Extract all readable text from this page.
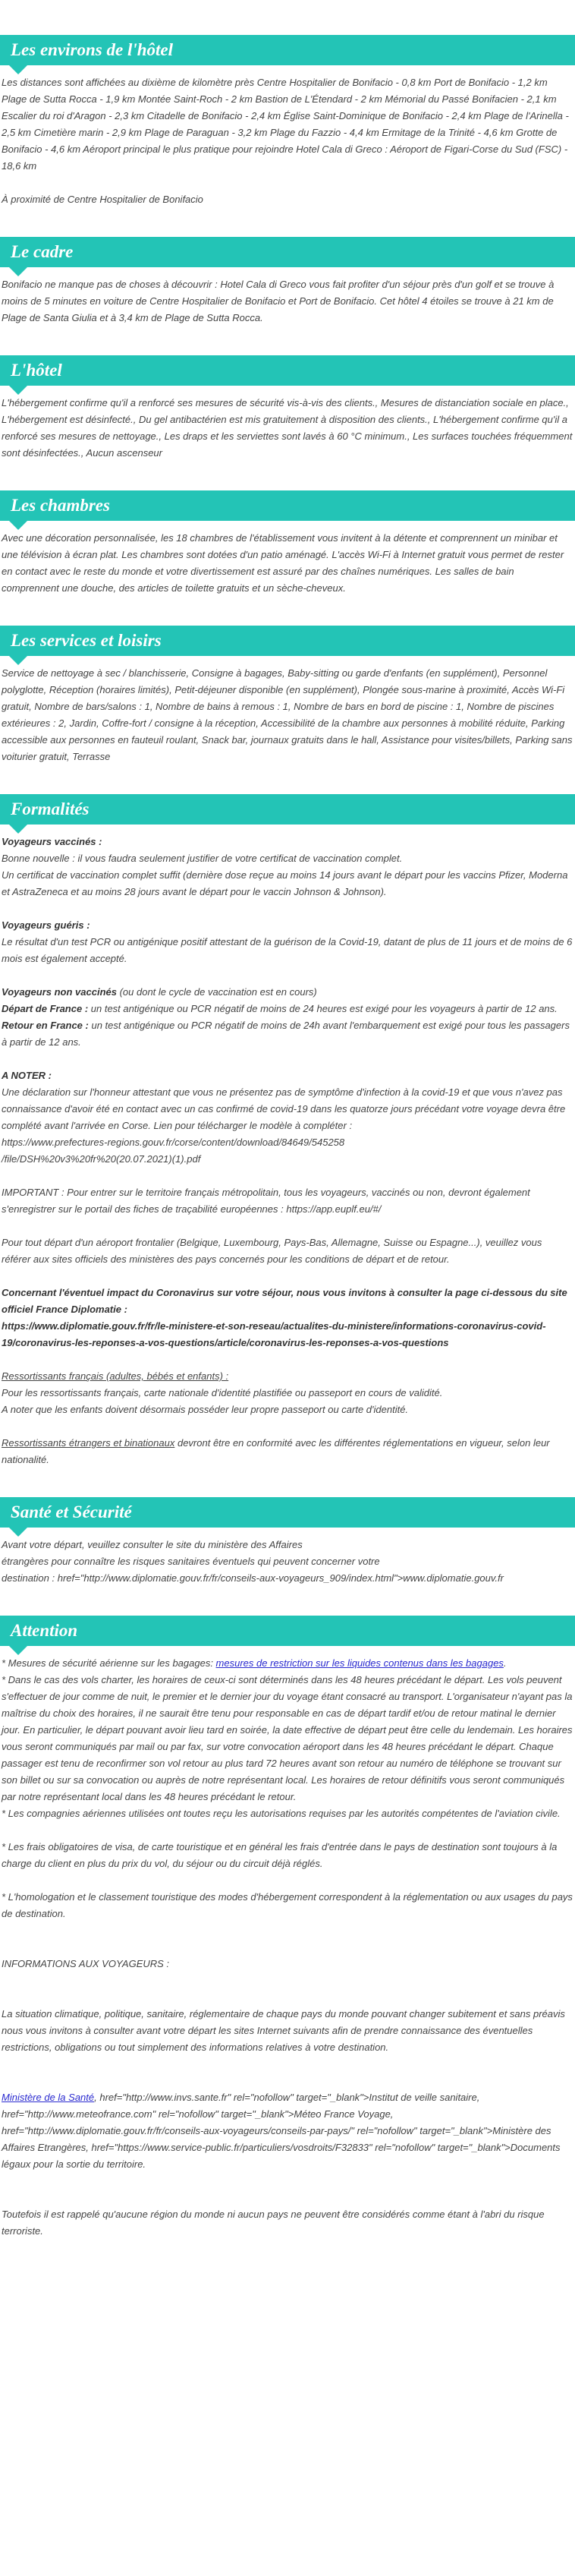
Les environs de l'hôtel

Les distances sont affichées au dixième de kilomètre près Centre Hospitalier de Bonifacio - 0,8 km Port de Bonifacio - 1,2 km Plage de Sutta Rocca - 1,9 km Montée Saint-Roch - 2 km Bastion de L'Étendard - 2 km Mémorial du Passé Bonifacien - 2,1 km Escalier du roi d'Aragon - 2,3 km Citadelle de Bonifacio - 2,4 km Église Saint-Dominique de Bonifacio - 2,4 km Plage de l'Arinella - 2,5 km Cimetière marin - 2,9 km Plage de Paraguan - 3,2 km Plage du Fazzio - 4,4 km Ermitage de la Trinité - 4,6 km Grotte de Bonifacio - 4,6 km Aéroport principal le plus pratique pour rejoindre Hotel Cala di Greco : Aéroport de Figari-Corse du Sud (FSC) - 18,6 km

À proximité de Centre Hospitalier de Bonifacio

Le cadre

Bonifacio ne manque pas de choses à découvrir : Hotel Cala di Greco vous fait profiter d'un séjour près d'un golf et se trouve à moins de 5 minutes en voiture de Centre Hospitalier de Bonifacio et Port de Bonifacio. Cet hôtel 4 étoiles se trouve à 21 km de Plage de Santa Giulia et à 3,4 km de Plage de Sutta Rocca.

L'hôtel

L'hébergement confirme qu'il a renforcé ses mesures de sécurité vis-à-vis des clients., Mesures de distanciation sociale en place., L'hébergement est désinfecté., Du gel antibactérien est mis gratuitement à disposition des clients., L'hébergement confirme qu'il a renforcé ses mesures de nettoyage., Les draps et les serviettes sont lavés à 60 °C minimum., Les surfaces touchées fréquemment sont désinfectées., Aucun ascenseur

Les chambres

Avec une décoration personnalisée, les 18 chambres de l'établissement vous invitent à la détente et comprennent un minibar et une télévision à écran plat. Les chambres sont dotées d'un patio aménagé. L'accès Wi-Fi à Internet gratuit vous permet de rester en contact avec le reste du monde et votre divertissement est assuré par des chaînes numériques. Les salles de bain comprennent une douche, des articles de toilette gratuits et un sèche-cheveux.

Les services et loisirs

Service de nettoyage à sec / blanchisserie, Consigne à bagages, Baby-sitting ou garde d'enfants (en supplément), Personnel polyglotte, Réception (horaires limités), Petit-déjeuner disponible (en supplément), Plongée sous-marine à proximité, Accès Wi-Fi gratuit, Nombre de bars/salons : 1, Nombre de bains à remous : 1, Nombre de bars en bord de piscine : 1, Nombre de piscines extérieures : 2, Jardin, Coffre-fort / consigne à la réception, Accessibilité de la chambre aux personnes à mobilité réduite, Parking accessible aux personnes en fauteuil roulant, Snack bar, journaux gratuits dans le hall, Assistance pour visites/billets, Parking sans voiturier gratuit, Terrasse

Formalités

Voyageurs vaccinés :

Bonne nouvelle : il vous faudra seulement justifier de votre certificat de vaccination complet.

Un certificat de vaccination complet suffit (dernière dose reçue au moins 14 jours avant le départ pour les vaccins Pfizer, Moderna et AstraZeneca et au moins 28 jours avant le départ pour le vaccin Johnson & Johnson).

Voyageurs guéris :

Le résultat d'un test PCR ou antigénique positif attestant de la guérison de la Covid-19, datant de plus de 11 jours et de moins de 6 mois est également accepté.

Voyageurs non vaccinés (ou dont le cycle de vaccination est en cours)

Départ de France : un test antigénique ou PCR négatif de moins de 24 heures est exigé pour les voyageurs à partir de 12 ans.

Retour en France : un test antigénique ou PCR négatif de moins de 24h avant l'embarquement est exigé pour tous les passagers à partir de 12 ans.

A NOTER :

Une déclaration sur l'honneur attestant que vous ne présentez pas de symptôme d'infection à la covid-19 et que vous n'avez pas connaissance d'avoir été en contact avec un cas confirmé de covid-19 dans les quatorze jours précédant votre voyage devra être complété avant l'arrivée en Corse. Lien pour télécharger le modèle à compléter :

https://www.prefectures-regions.gouv.fr/corse/content/download/84649/545258

/file/DSH%20v3%20fr%20(20.07.2021)(1).pdf

IMPORTANT : Pour entrer sur le territoire français métropolitain, tous les voyageurs, vaccinés ou non, devront également s'enregistrer sur le portail des fiches de traçabilité européennes : https://app.euplf.eu/#/

Pour tout départ d'un aéroport frontalier (Belgique, Luxembourg, Pays-Bas, Allemagne, Suisse ou Espagne...), veuillez vous référer aux sites officiels des ministères des pays concernés pour les conditions de départ et de retour.

Concernant l'éventuel impact du Coronavirus sur votre séjour, nous vous invitons à consulter la page ci-dessous du site officiel France Diplomatie :

https://www.diplomatie.gouv.fr/fr/le-ministere-et-son-reseau/actualites-du-ministere/informations-coronavirus-covid-19/coronavirus-les-reponses-a-vos-questions/article/coronavirus-les-reponses-a-vos-questions

Ressortissants français (adultes, bébés et enfants) :

Pour les ressortissants français, carte nationale d'identité plastifiée ou passeport en cours de validité.

A noter que les enfants doivent désormais posséder leur propre passeport ou carte d'identité.

Ressortissants étrangers et binationaux devront être en conformité avec les différentes réglementations en vigueur, selon leur nationalité.

Santé et Sécurité

Avant votre départ, veuillez consulter le site du ministère des Affaires

étrangères pour connaître les risques sanitaires éventuels qui peuvent concerner votre

destination : href="http://www.diplomatie.gouv.fr/fr/conseils-aux-voyageurs_909/index.html">www.diplomatie.gouv.fr

Attention

* Mesures de sécurité aérienne sur les bagages: mesures de restriction sur les liquides contenus dans les bagages.

* Dans le cas des vols charter, les horaires de ceux-ci sont déterminés dans les 48 heures précédant le départ. Les vols peuvent s'effectuer de jour comme de nuit, le premier et le dernier jour du voyage étant consacré au transport. L'organisateur n'ayant pas la maîtrise du choix des horaires, il ne saurait être tenu pour responsable en cas de départ tardif et/ou de retour matinal le dernier jour. En particulier, le départ pouvant avoir lieu tard en soirée, la date effective de départ peut être celle du lendemain. Les horaires vous seront communiqués par mail ou par fax, sur votre convocation aéroport dans les 48 heures précédant le départ. Chaque passager est tenu de reconfirmer son vol retour au plus tard 72 heures avant son retour au numéro de téléphone se trouvant sur son billet ou sur sa convocation ou auprès de notre représentant local. Les horaires de retour définitifs vous seront communiqués par notre représentant local dans les 48 heures précédant le retour.

* Les compagnies aériennes utilisées ont toutes reçu les autorisations requises par les autorités compétentes de l'aviation civile.

* Les frais obligatoires de visa, de carte touristique et en général les frais d'entrée dans le pays de destination sont toujours à la charge du client en plus du prix du vol, du séjour ou du circuit déjà réglés.

* L'homologation et le classement touristique des modes d'hébergement correspondent à la réglementation ou aux usages du pays de destination.

INFORMATIONS AUX VOYAGEURS :

La situation climatique, politique, sanitaire, réglementaire de chaque pays du monde pouvant changer subitement et sans préavis

nous vous invitons à consulter avant votre départ les sites Internet suivants afin de prendre connaissance des éventuelles restrictions, obligations ou tout simplement des informations relatives à votre destination.

Ministère de la Santé, href="http://www.invs.sante.fr" rel="nofollow" target="_blank">Institut de veille sanitaire, href="http://www.meteofrance.com" rel="nofollow" target="_blank">Méteo France Voyage, href="http://www.diplomatie.gouv.fr/fr/conseils-aux-voyageurs/conseils-par-pays/" rel="nofollow" target="_blank">Ministère des Affaires Etrangères, href="https://www.service-public.fr/particuliers/vosdroits/F32833" rel="nofollow" target="_blank">Documents légaux pour la sortie du territoire.

Toutefois il est rappelé qu'aucune région du monde ni aucun pays ne peuvent être considérés comme étant à l'abri du risque terroriste.
